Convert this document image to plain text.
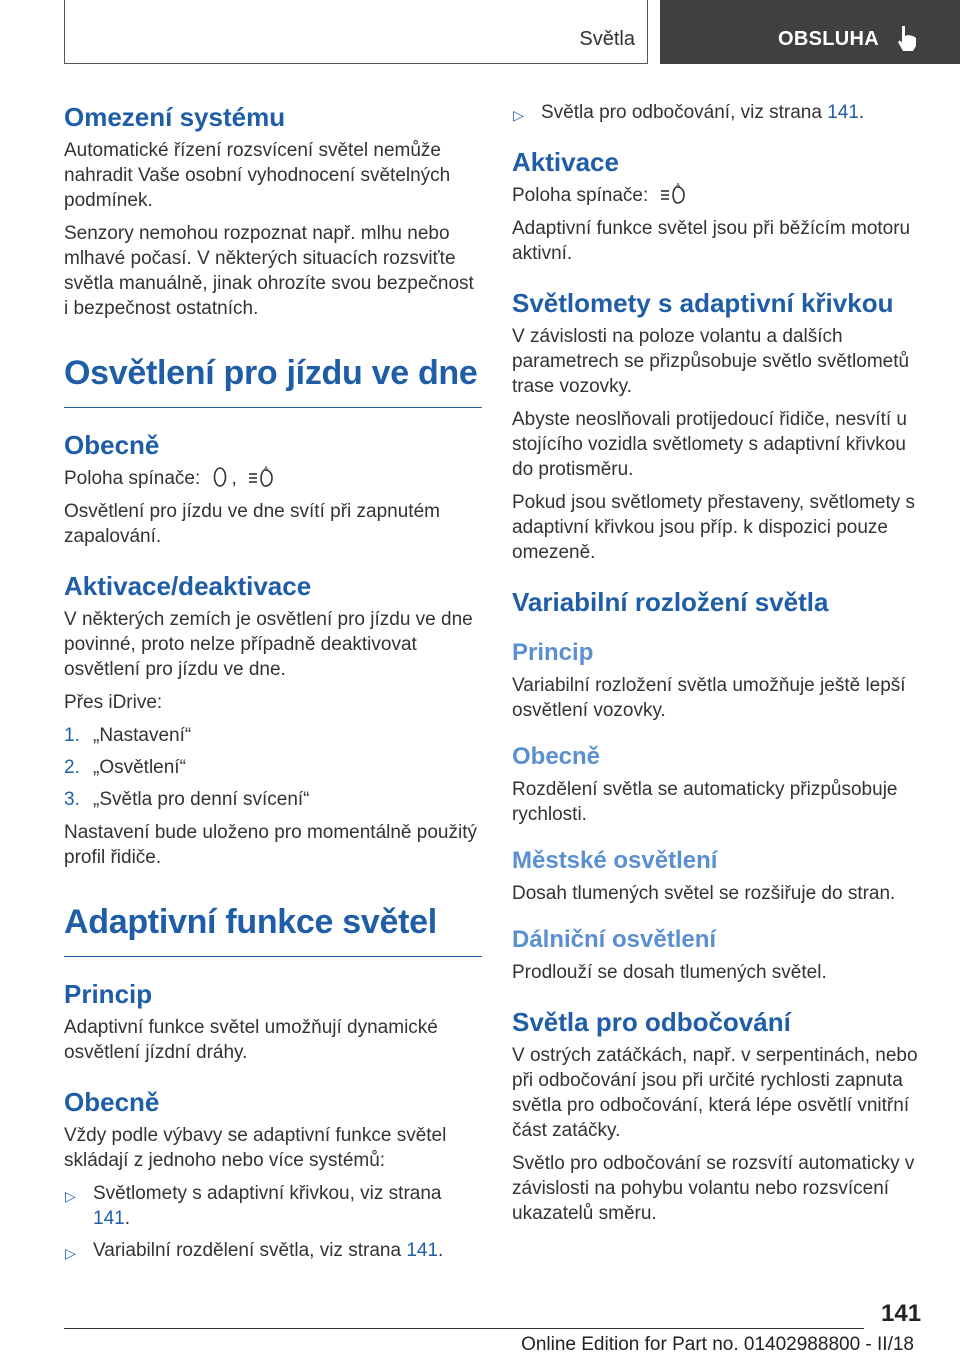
Světla	OBSLUHA
Omezení systému

Automatické řízení rozsvícení světel nemůže nahradit Vaše osobní vyhodnocení světelných podmínek.

Senzory nemohou rozpoznat např. mlhu nebo mlhavé počasí. V některých situacích rozsviťte světla manuálně, jinak ohrozíte svou bezpečnost i bezpečnost ostatních.

Osvětlení pro jízdu ve dne
Obecně

Poloha spínače: ,	A

Osvětlení pro jízdu ve dne svítí při zapnutém zapalování.

Aktivace/deaktivace

V některých zemích je osvětlení pro jízdu ve dne povinné, proto nelze případně deaktivovat osvětlení pro jízdu ve dne.

Přes iDrive:

1. „Nastavení“
2. „Osvětlení“
3. „Světla pro denní svícení“

Nastavení bude uloženo pro momentálně použitý profil řidiče.

Adaptivní funkce světel
Princip

Adaptivní funkce světel umožňují dynamické osvětlení jízdní dráhy.

Obecně

Vždy podle výbavy se adaptivní funkce světel skládají z jednoho nebo více systémů:

▷ Světlomety s adaptivní křivkou, viz strana 141.
▷ Variabilní rozdělení světla, viz strana 141.
▷ Světla pro odbočování, viz strana 141.
Aktivace

Poloha spínače:	A

Adaptivní funkce světel jsou při běžícím motoru aktivní.

Světlomety s adaptivní křivkou

V závislosti na poloze volantu a dalších parametrech se přizpůsobuje světlo světlometů trase vozovky.

Abyste neoslňovali protijedoucí řidiče, nesvítí u stojícího vozidla světlomety s adaptivní křivkou do protisměru.

Pokud jsou světlomety přestaveny, světlomety s adaptivní křivkou jsou příp. k dispozici pouze omezeně.

Variabilní rozložení světla
Princip

Variabilní rozložení světla umožňuje ještě lepší osvětlení vozovky.

Obecně

Rozdělení světla se automaticky přizpůsobuje rychlosti.

Městské osvětlení

Dosah tlumených světel se rozšiřuje do stran.

Dálniční osvětlení

Prodlouží se dosah tlumených světel.

Světla pro odbočování

V ostrých zatáčkách, např. v serpentinách, nebo při odbočování jsou při určité rychlosti zapnuta světla pro odbočování, která lépe osvětlí vnitřní část zatáčky.

Světlo pro odbočování se rozsvítí automaticky v závislosti na pohybu volantu nebo rozsvícení ukazatelů směru.

141
Online Edition for Part no. 01402988800 - II/18
